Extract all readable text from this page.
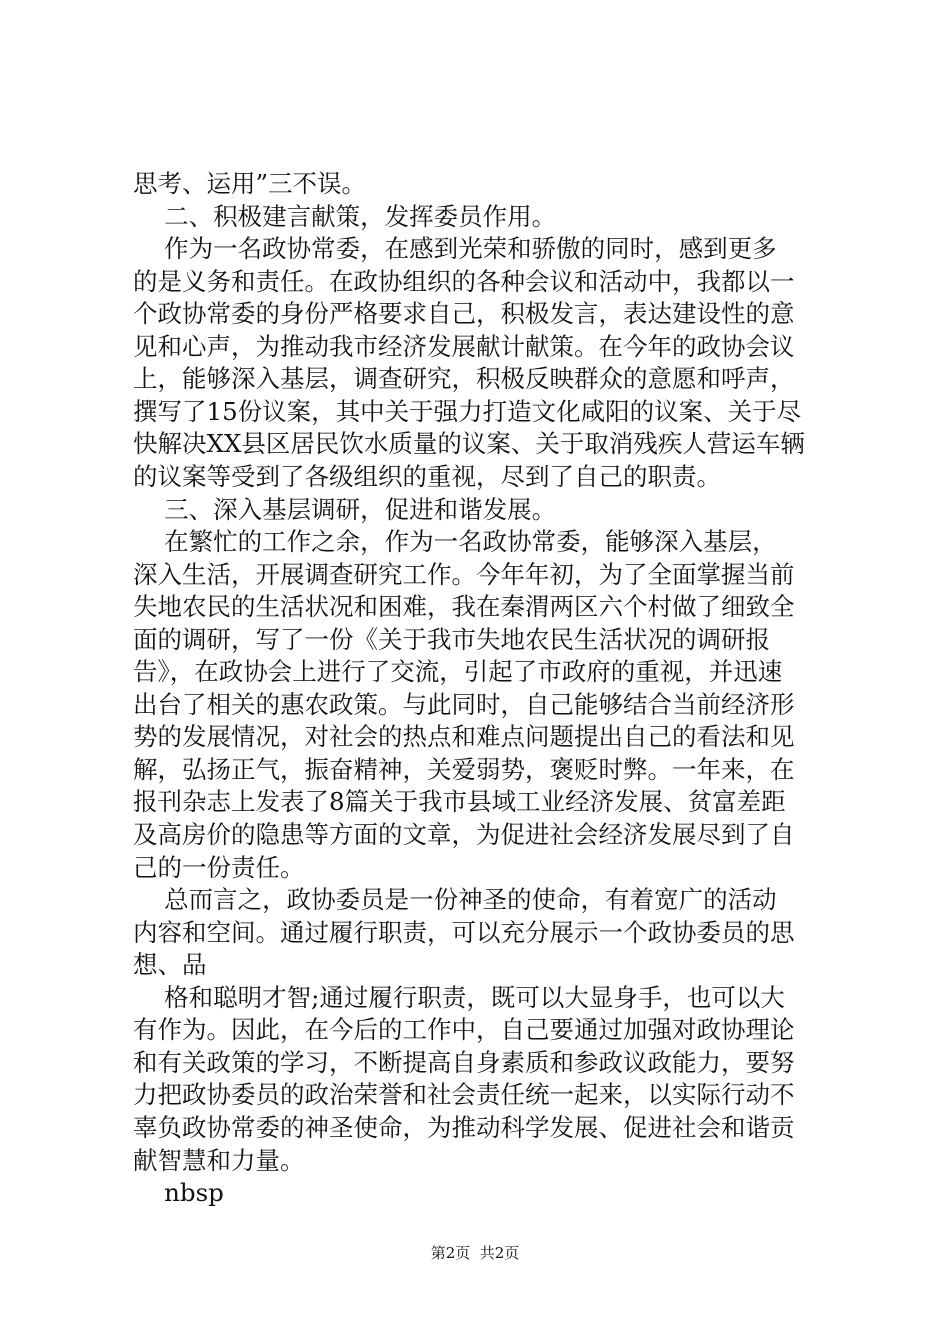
思考、运用”三不误。
二、积极建言献策，发挥委员作用。
作为一名政协常委，在感到光荣和骄傲的同时，感到更多
的是义务和责任。在政协组织的各种会议和活动中，我都以一
个政协常委的身份严格要求自己，积极发言，表达建设性的意
见和心声，为推动我市经济发展献计献策。在今年的政协会议
上，能够深入基层，调查研究，积极反映群众的意愿和呼声，
撰写了15份议案，其中关于强力打造文化咸阳的议案、关于尽
快解决XX县区居民饮水质量的议案、关于取消残疾人营运车辆
的议案等受到了各级组织的重视，尽到了自己的职责。
三、深入基层调研，促进和谐发展。
在繁忙的工作之余，作为一名政协常委，能够深入基层，
深入生活，开展调查研究工作。今年年初，为了全面掌握当前
失地农民的生活状况和困难，我在秦渭两区六个村做了细致全
面的调研，写了一份《关于我市失地农民生活状况的调研报
告》，在政协会上进行了交流，引起了市政府的重视，并迅速
出台了相关的惠农政策。与此同时，自己能够结合当前经济形
势的发展情况，对社会的热点和难点问题提出自己的看法和见
解，弘扬正气，振奋精神，关爱弱势，褒贬时弊。一年来，在
报刊杂志上发表了8篇关于我市县域工业经济发展、贫富差距
及高房价的隐患等方面的文章，为促进社会经济发展尽到了自
己的一份责任。
总而言之，政协委员是一份神圣的使命，有着宽广的活动
内容和空间。通过履行职责，可以充分展示一个政协委员的思
想、品
格和聪明才智;通过履行职责，既可以大显身手，也可以大
有作为。因此，在今后的工作中，自己要通过加强对政协理论
和有关政策的学习，不断提高自身素质和参政议政能力，要努
力把政协委员的政治荣誉和社会责任统一起来，以实际行动不
辜负政协常委的神圣使命，为推动科学发展、促进社会和谐贡
献智慧和力量。
nbsp
第2页  共2页
